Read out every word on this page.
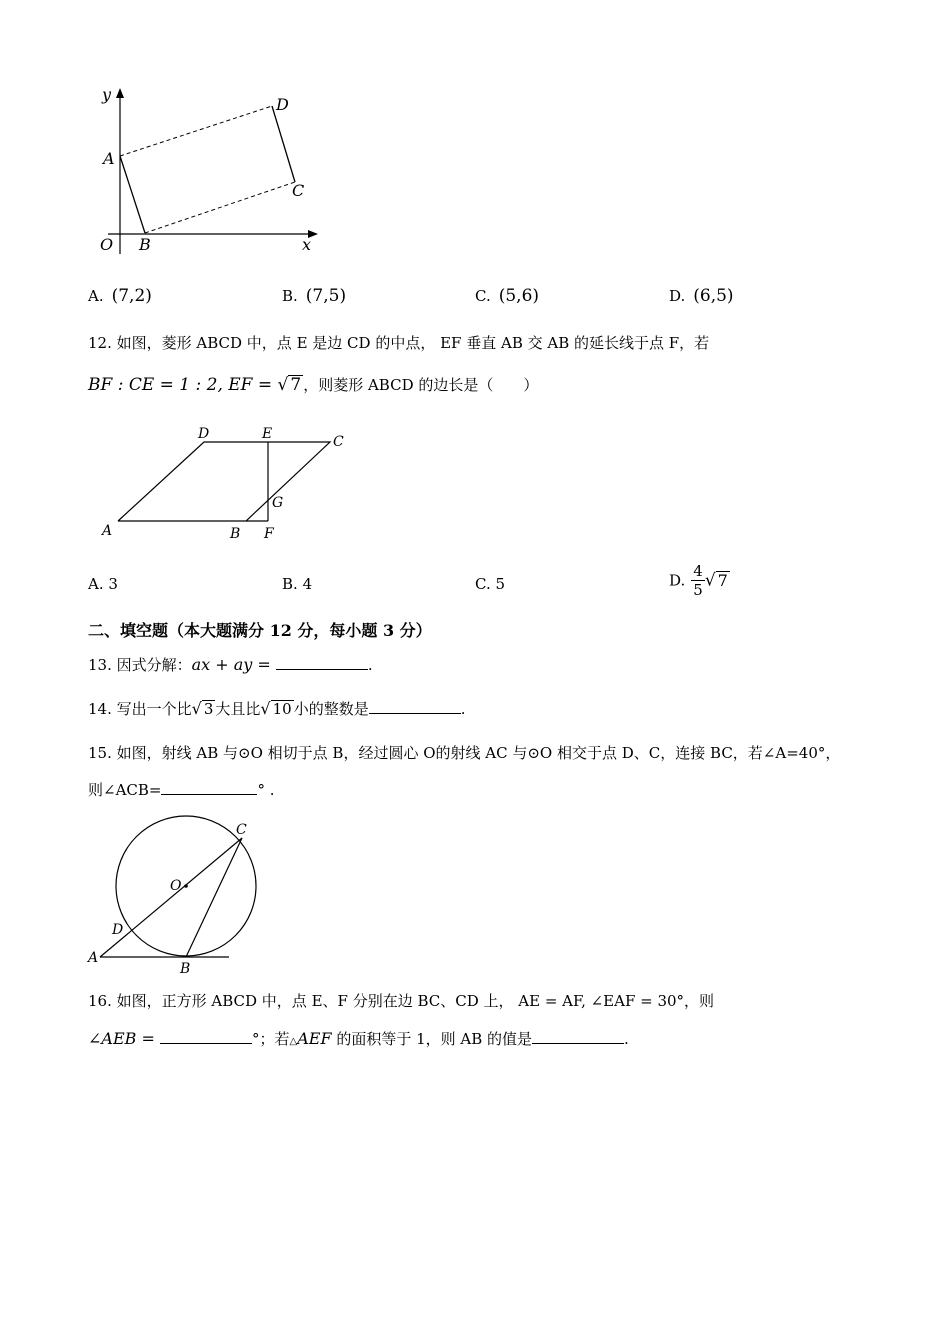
y
x
O
A
B
C
D
A. (7,2)	B. (7,5)	C. (5,6)	D. (6,5)
12. 如图，菱形 ABCD 中，点 E 是边 CD 的中点， EF 垂直 AB 交 AB 的延长线于点 F，若
BF : CE = 1 : 2, EF = √ 7 ，则菱形 ABCD 的边长是（　　）
D	E	C
G
A	B F
A. 3	B. 4	C. 5	D. $\frac{4}{5}$ √ 7
二、填空题（本大题满分 12 分，每小题 3 分）
13. 因式分解：ax + ay =	.
14. 写出一个比√ 3 大且比√ 10 小的整数是	.
15. 如图，射线 AB 与⊙O 相切于点 B，经过圆心 O的射线 AC 与⊙O 相交于点 D、C，连接 BC，若∠A=40°，
则∠ACB=	° .
O
C
D
A
B
16. 如图，正方形 ABCD 中，点 E、F 分别在边 BC、CD 上， AE = AF, ∠EAF = 30°，则
∠AEB =	°；若△AEF 的面积等于 1，则 AB 的值是	.
